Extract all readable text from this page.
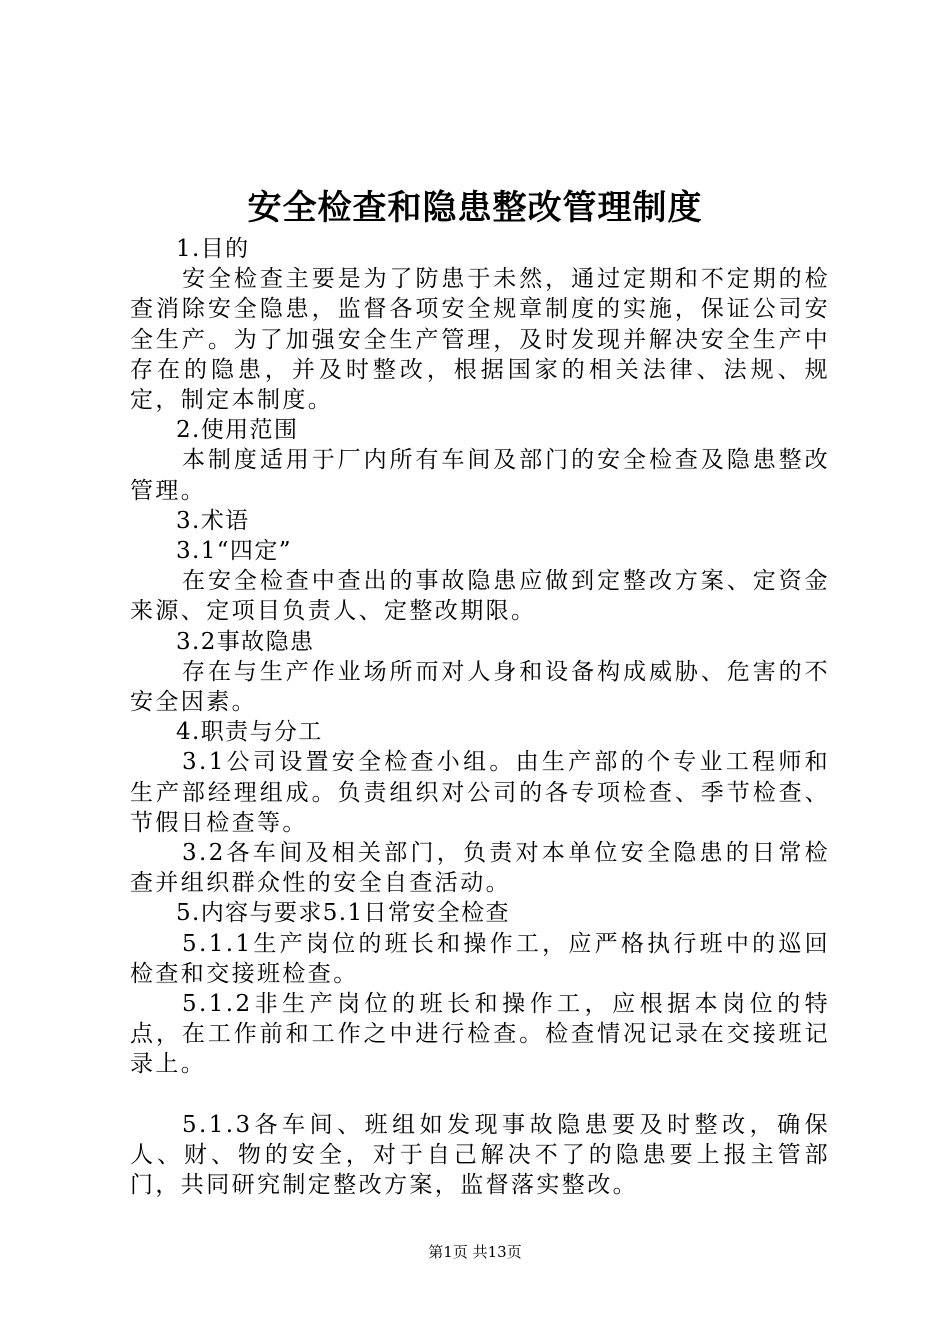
安全检查和隐患整改管理制度
1.目的
安全检查主要是为了防患于未然，通过定期和不定期的检查消除安全隐患，监督各项安全规章制度的实施，保证公司安全生产。为了加强安全生产管理，及时发现并解决安全生产中存在的隐患，并及时整改，根据国家的相关法律、法规、规定，制定本制度。
2.使用范围
本制度适用于厂内所有车间及部门的安全检查及隐患整改管理。
3.术语
3.1“四定”
在安全检查中查出的事故隐患应做到定整改方案、定资金来源、定项目负责人、定整改期限。
3.2事故隐患
存在与生产作业场所而对人身和设备构成威胁、危害的不安全因素。
4.职责与分工
3.1公司设置安全检查小组。由生产部的个专业工程师和生产部经理组成。负责组织对公司的各专项检查、季节检查、节假日检查等。
3.2各车间及相关部门，负责对本单位安全隐患的日常检查并组织群众性的安全自查活动。
5.内容与要求5.1日常安全检查
5.1.1生产岗位的班长和操作工，应严格执行班中的巡回检查和交接班检查。
5.1.2非生产岗位的班长和操作工，应根据本岗位的特点，在工作前和工作之中进行检查。检查情况记录在交接班记录上。
5.1.3各车间、班组如发现事故隐患要及时整改，确保人、财、物的安全，对于自己解决不了的隐患要上报主管部门，共同研究制定整改方案，监督落实整改。
第1页 共13页
